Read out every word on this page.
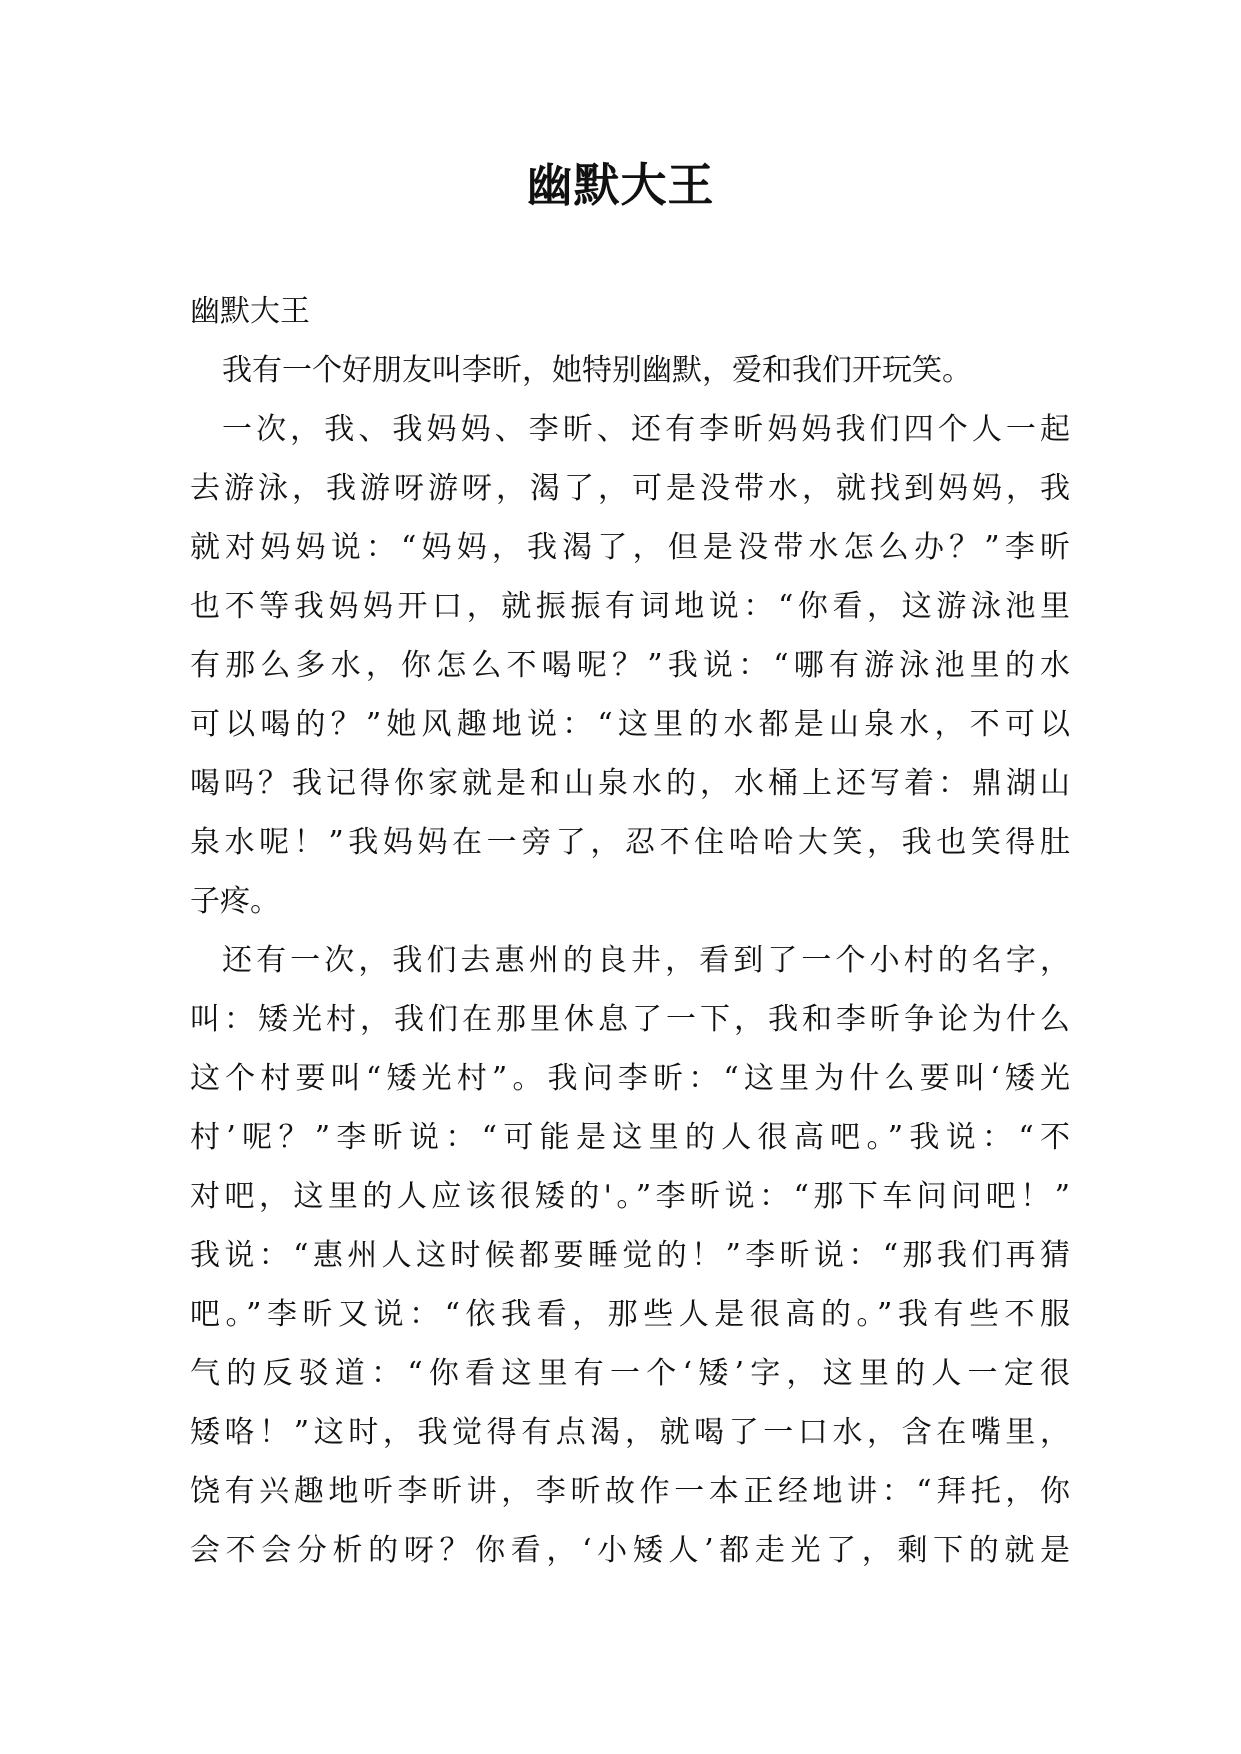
幽默大王
幽默大王
我有一个好朋友叫李昕，她特别幽默，爱和我们开玩笑。
一次，我、我妈妈、李昕、还有李昕妈妈我们四个人一起
去游泳，我游呀游呀，渴了，可是没带水，就找到妈妈，我
就对妈妈说：“妈妈，我渴了，但是没带水怎么办？”李昕
也不等我妈妈开口，就振振有词地说：“你看，这游泳池里
有那么多水，你怎么不喝呢？”我说：“哪有游泳池里的水
可以喝的？”她风趣地说：“这里的水都是山泉水，不可以
喝吗？我记得你家就是和山泉水的，水桶上还写着：鼎湖山
泉水呢！”我妈妈在一旁了，忍不住哈哈大笑，我也笑得肚
子疼。
还有一次，我们去惠州的良井，看到了一个小村的名字，
叫：矮光村，我们在那里休息了一下，我和李昕争论为什么
这个村要叫“矮光村”。我问李昕：“这里为什么要叫‘矮光
村’呢？”李昕说：“可能是这里的人很高吧。”我说：“不
对吧，这里的人应该很矮的'。”李昕说：“那下车问问吧！”
我说：“惠州人这时候都要睡觉的！”李昕说：“那我们再猜
吧。”李昕又说：“依我看，那些人是很高的。”我有些不服
气的反驳道：“你看这里有一个‘矮’字，这里的人一定很
矮咯！”这时，我觉得有点渴，就喝了一口水，含在嘴里，
饶有兴趣地听李昕讲，李昕故作一本正经地讲：“拜托，你
会不会分析的呀？你看，‘小矮人’都走光了，剩下的就是
